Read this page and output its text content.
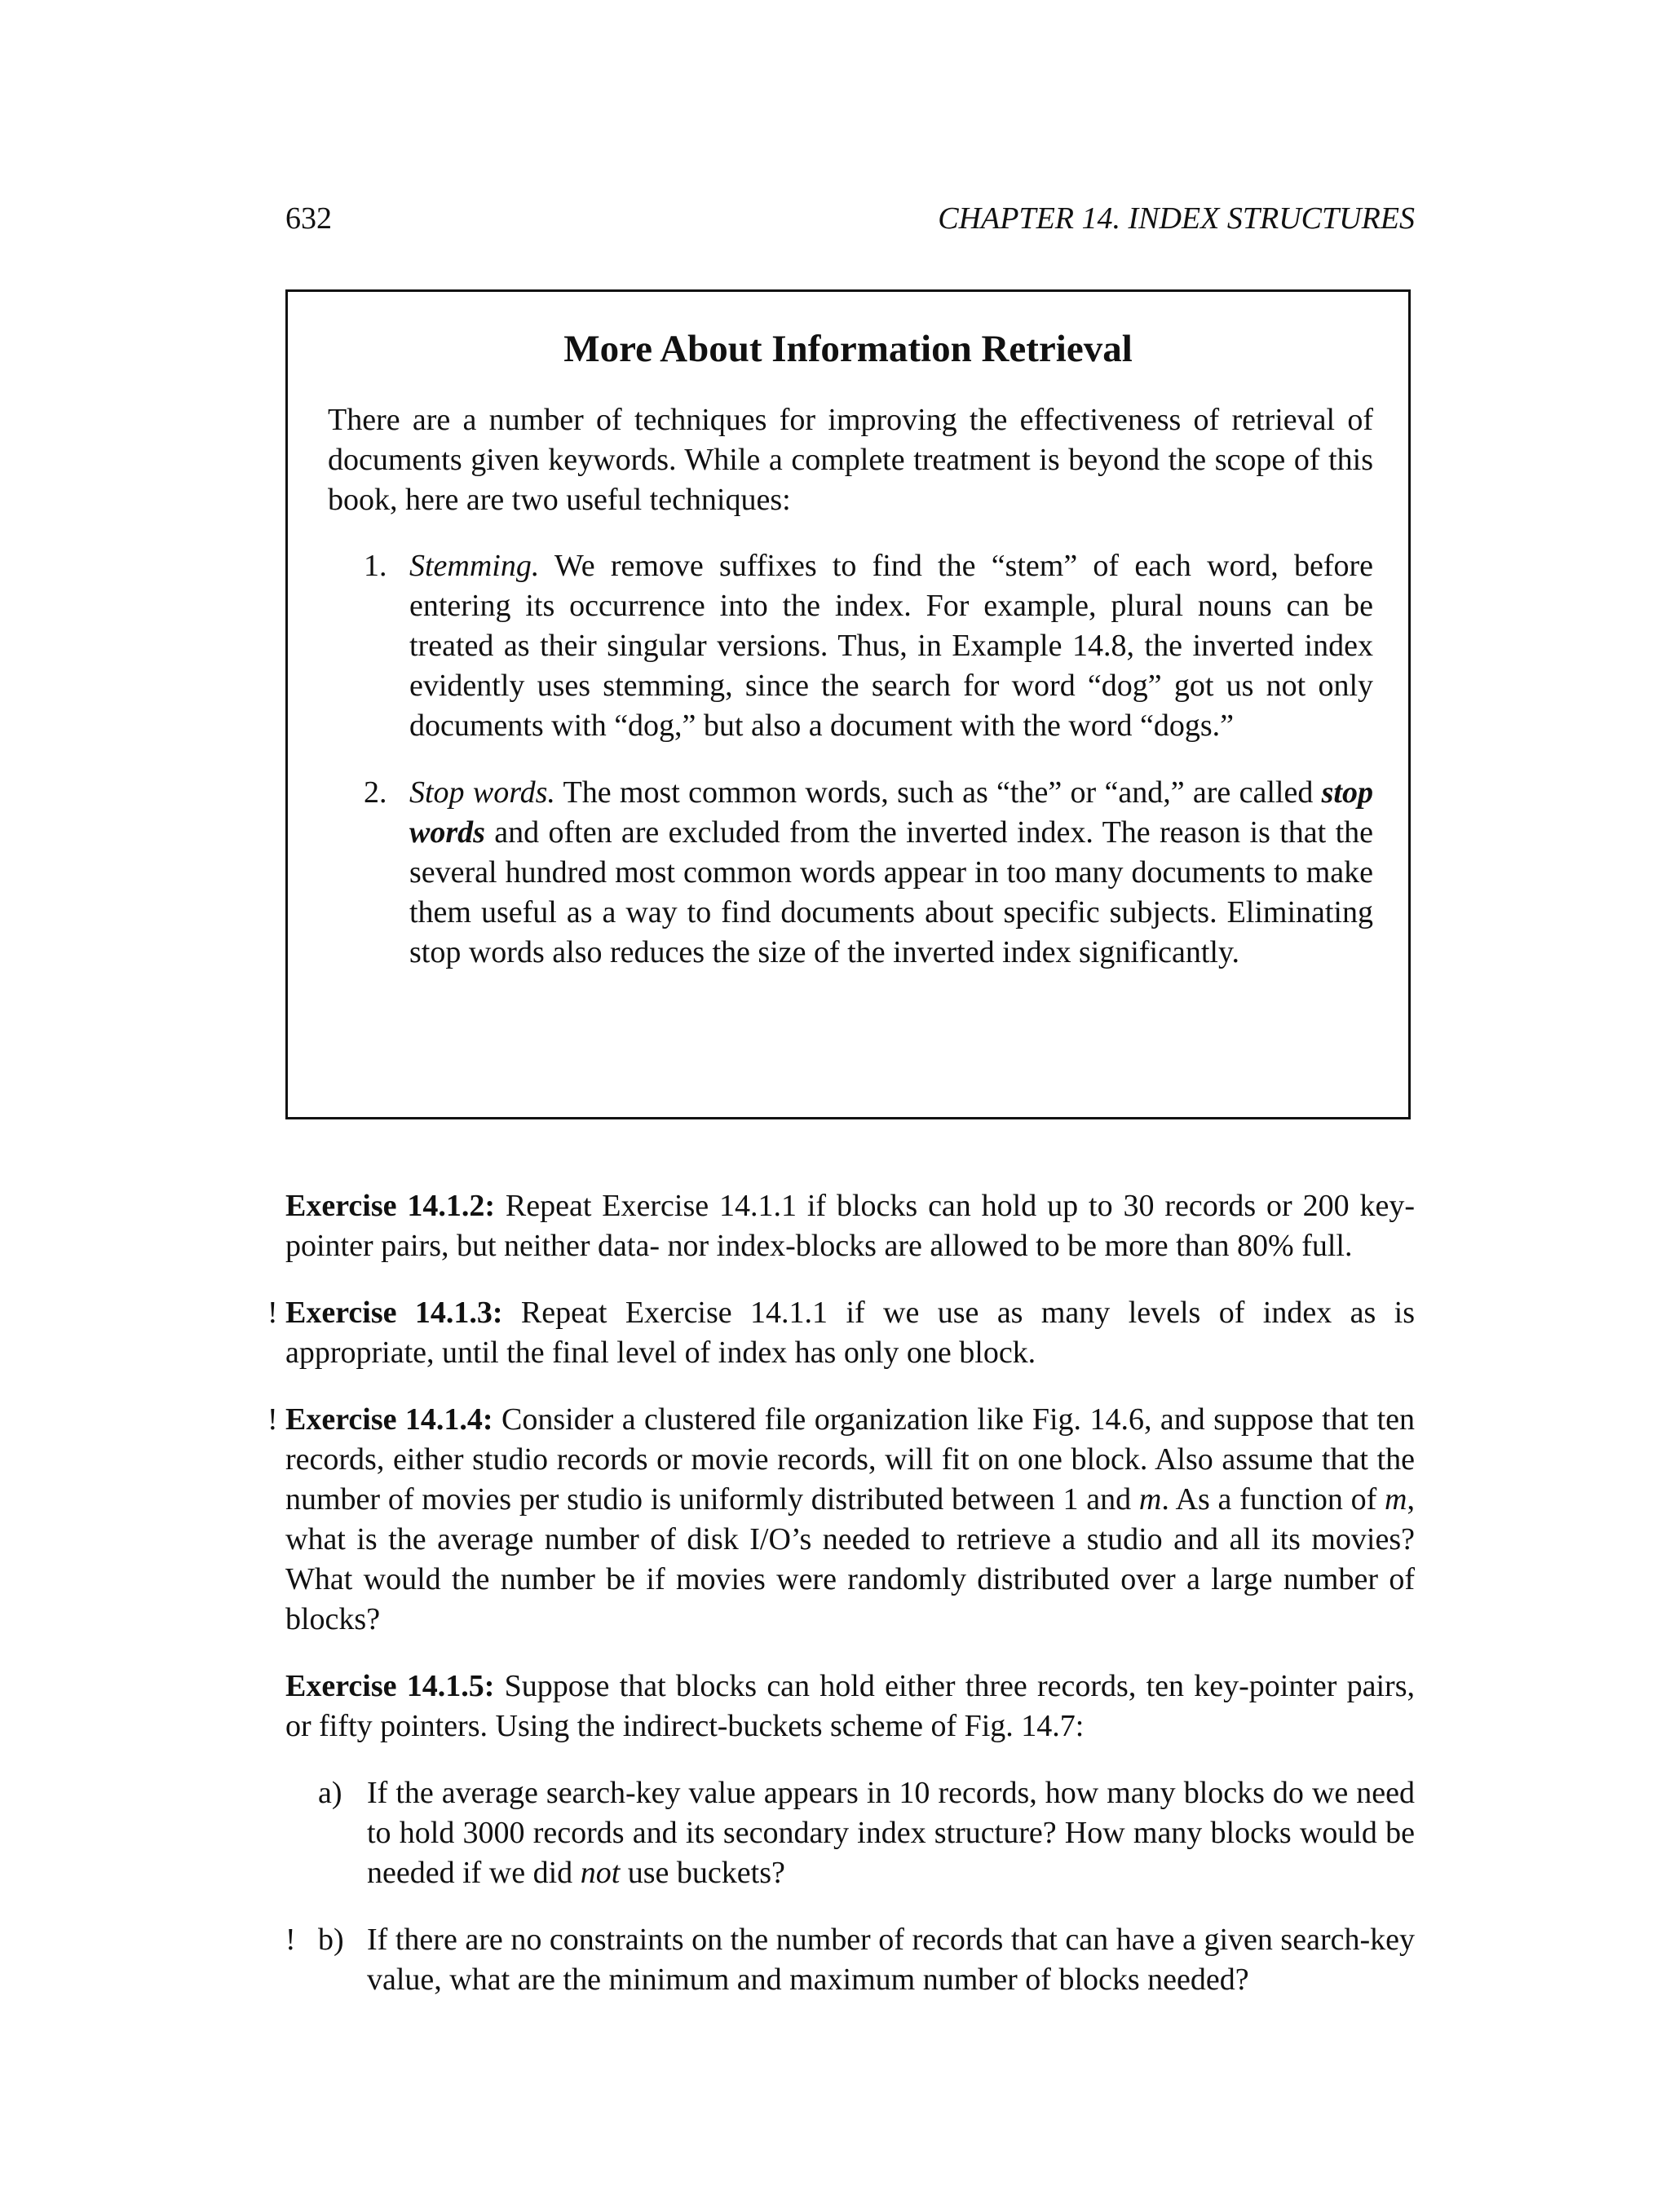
632	CHAPTER 14. INDEX STRUCTURES
More About Information Retrieval
There are a number of techniques for improving the effectiveness of retrieval of documents given keywords. While a complete treatment is beyond the scope of this book, here are two useful techniques:
1. Stemming. We remove suffixes to find the “stem” of each word, before entering its occurrence into the index. For example, plural nouns can be treated as their singular versions. Thus, in Example 14.8, the inverted index evidently uses stemming, since the search for word “dog” got us not only documents with “dog,” but also a document with the word “dogs.”
2. Stop words. The most common words, such as “the” or “and,” are called stop words and often are excluded from the inverted index. The reason is that the several hundred most common words appear in too many documents to make them useful as a way to find documents about specific subjects. Eliminating stop words also reduces the size of the inverted index significantly.
Exercise 14.1.2: Repeat Exercise 14.1.1 if blocks can hold up to 30 records or 200 key-pointer pairs, but neither data- nor index-blocks are allowed to be more than 80% full.
! Exercise 14.1.3: Repeat Exercise 14.1.1 if we use as many levels of index as is appropriate, until the final level of index has only one block.
! Exercise 14.1.4: Consider a clustered file organization like Fig. 14.6, and suppose that ten records, either studio records or movie records, will fit on one block. Also assume that the number of movies per studio is uniformly distributed between 1 and m. As a function of m, what is the average number of disk I/O’s needed to retrieve a studio and all its movies? What would the number be if movies were randomly distributed over a large number of blocks?
Exercise 14.1.5: Suppose that blocks can hold either three records, ten key-pointer pairs, or fifty pointers. Using the indirect-buckets scheme of Fig. 14.7:
a) If the average search-key value appears in 10 records, how many blocks do we need to hold 3000 records and its secondary index structure? How many blocks would be needed if we did not use buckets?
! b) If there are no constraints on the number of records that can have a given search-key value, what are the minimum and maximum number of blocks needed?
